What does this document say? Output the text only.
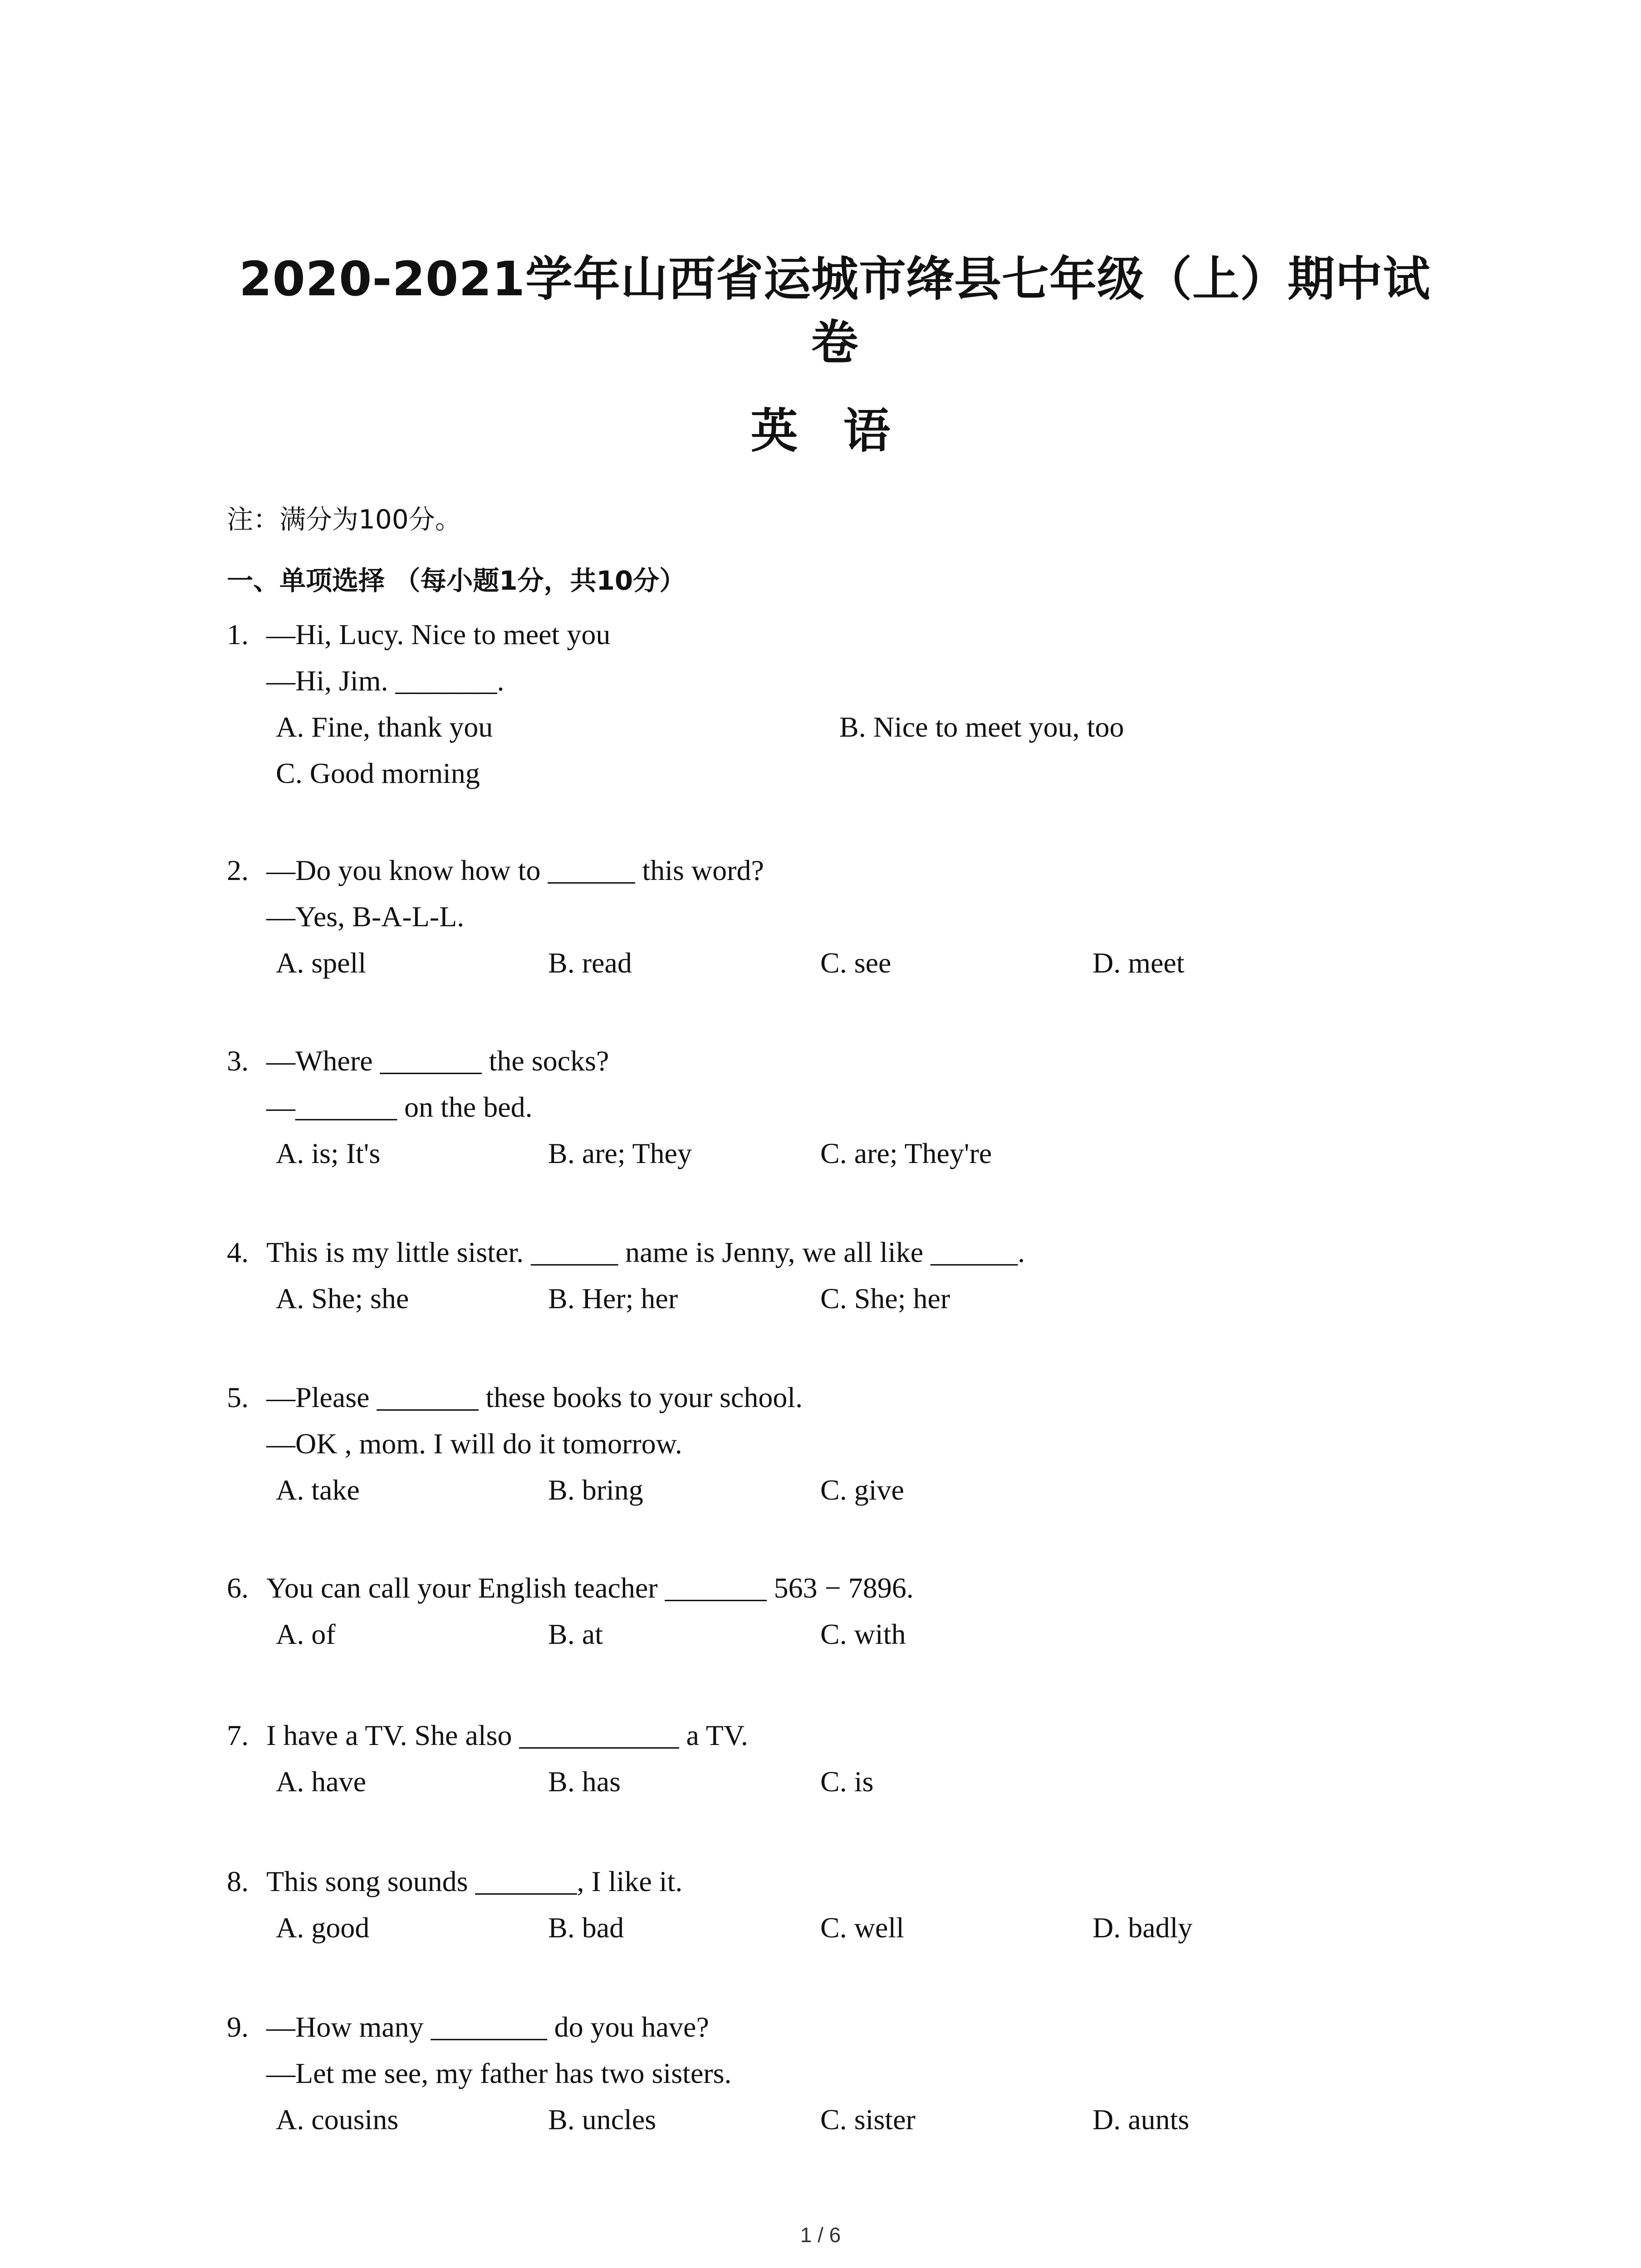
2020-2021学年山西省运城市绛县七年级（上）期中试卷
英语
注：满分为100分。
一、单项选择 （每小题1分，共10分）
1. —Hi, Lucy. Nice to meet you
—Hi, Jim. _______.
A. Fine, thank you	B. Nice to meet you, too
C. Good morning
2. —Do you know how to ______ this word?
—Yes, B-A-L-L.
A. spell	B. read	C. see	D. meet
3. —Where _______ the socks?
—_______ on the bed.
A. is; It's	B. are; They	C. are; They're
4. This is my little sister. ______ name is Jenny, we all like ______.
A. She; she	B. Her; her	C. She; her
5. —Please _______ these books to your school.
—OK , mom. I will do it tomorrow.
A. take	B. bring	C. give
6. You can call your English teacher _______ 563 − 7896.
A. of	B. at	C. with
7. I have a TV. She also ___________ a TV.
A. have	B. has	C. is
8. This song sounds _______, I like it.
A. good	B. bad	C. well	D. badly
9. —How many ________ do you have?
—Let me see, my father has two sisters.
A. cousins	B. uncles	C. sister	D. aunts
1 / 6
